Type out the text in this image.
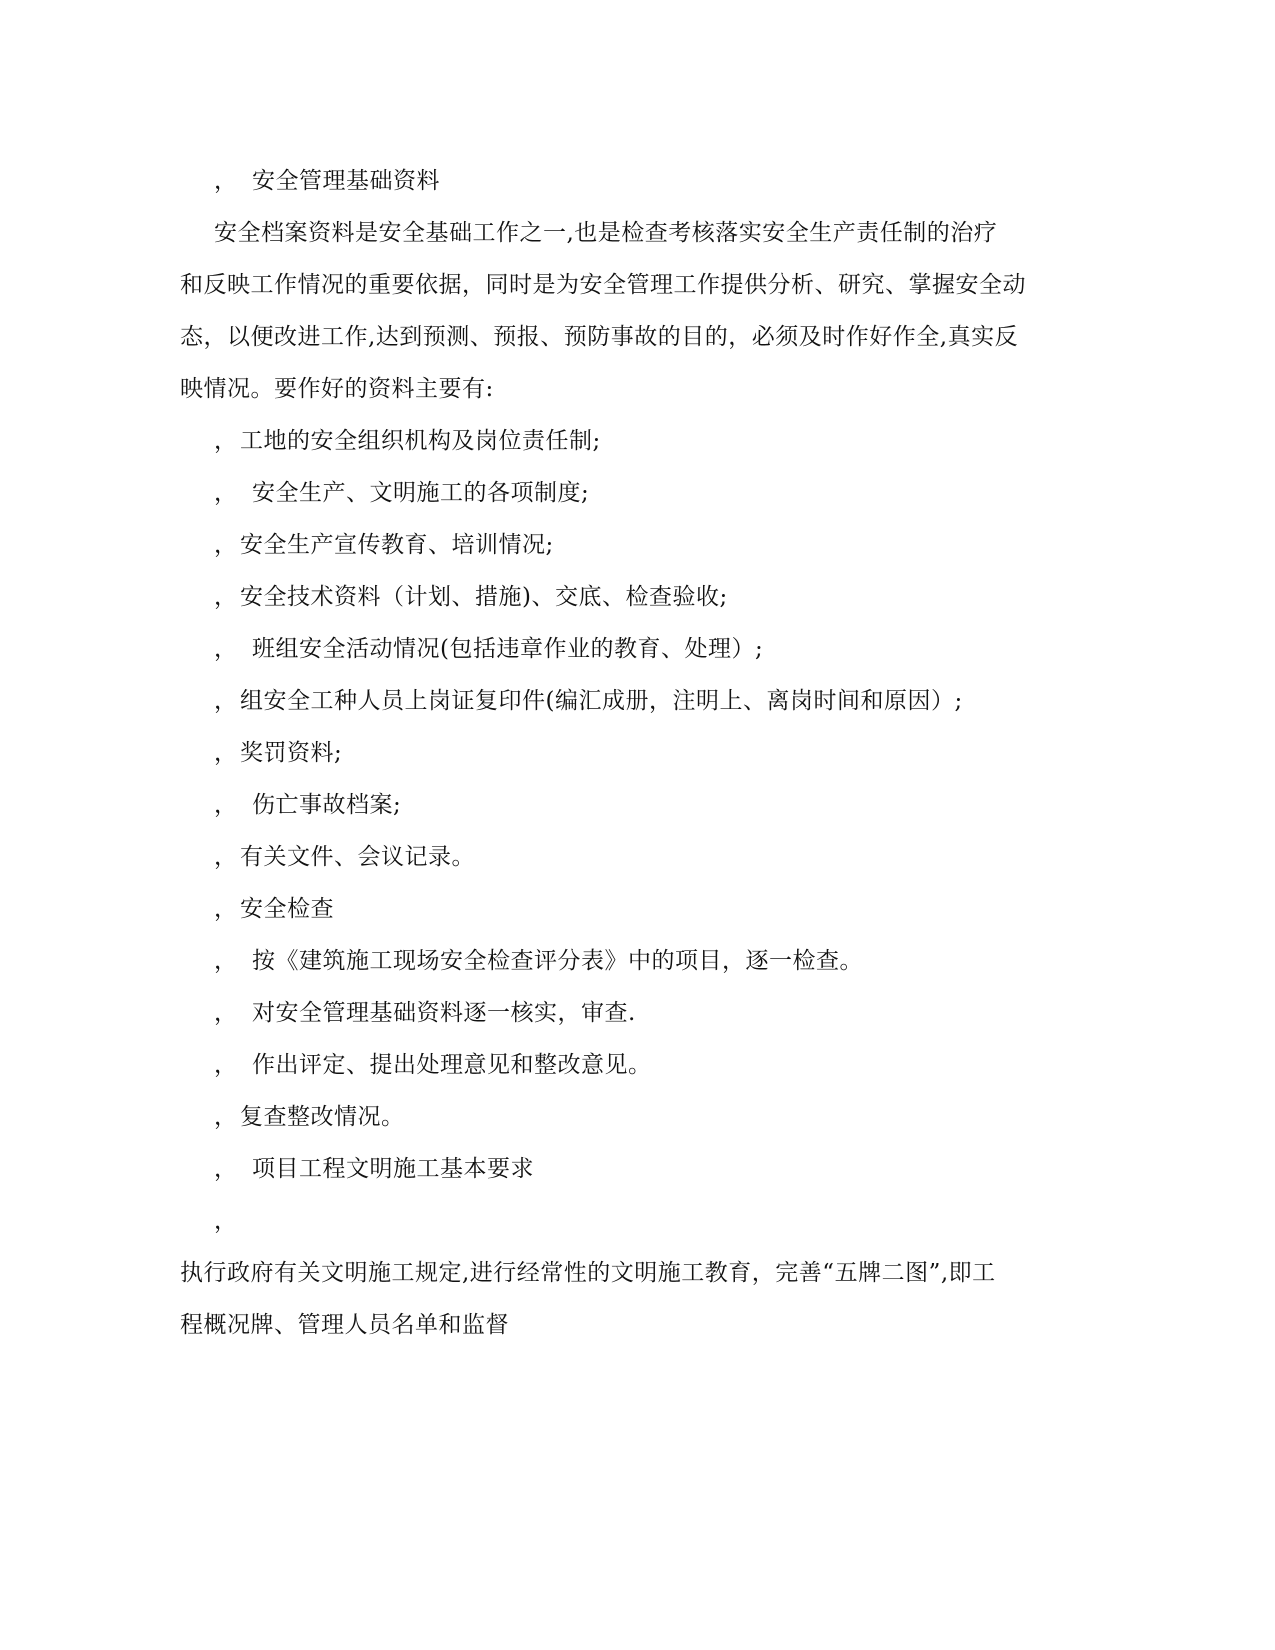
， 安全管理基础资料
安全档案资料是安全基础工作之一,也是检查考核落实安全生产责任制的治疗
和反映工作情况的重要依据，同时是为安全管理工作提供分析、研究、掌握安全动
态，以便改进工作,达到预测、预报、预防事故的目的，必须及时作好作全,真实反
映情况。要作好的资料主要有:
， 工地的安全组织机构及岗位责任制;
， 安全生产、文明施工的各项制度;
， 安全生产宣传教育、培训情况;
， 安全技术资料（计划、措施)、交底、检查验收;
， 班组安全活动情况(包括违章作业的教育、处理）;
， 组安全工种人员上岗证复印件(编汇成册，注明上、离岗时间和原因）;
， 奖罚资料;
， 伤亡事故档案;
， 有关文件、会议记录。
， 安全检查
， 按《建筑施工现场安全检查评分表》中的项目，逐一检查。
， 对安全管理基础资料逐一核实，审查.
， 作出评定、提出处理意见和整改意见。
， 复查整改情况。
， 项目工程文明施工基本要求
，
执行政府有关文明施工规定,进行经常性的文明施工教育，完善“五牌二图”,即工
程概况牌、管理人员名单和监督
